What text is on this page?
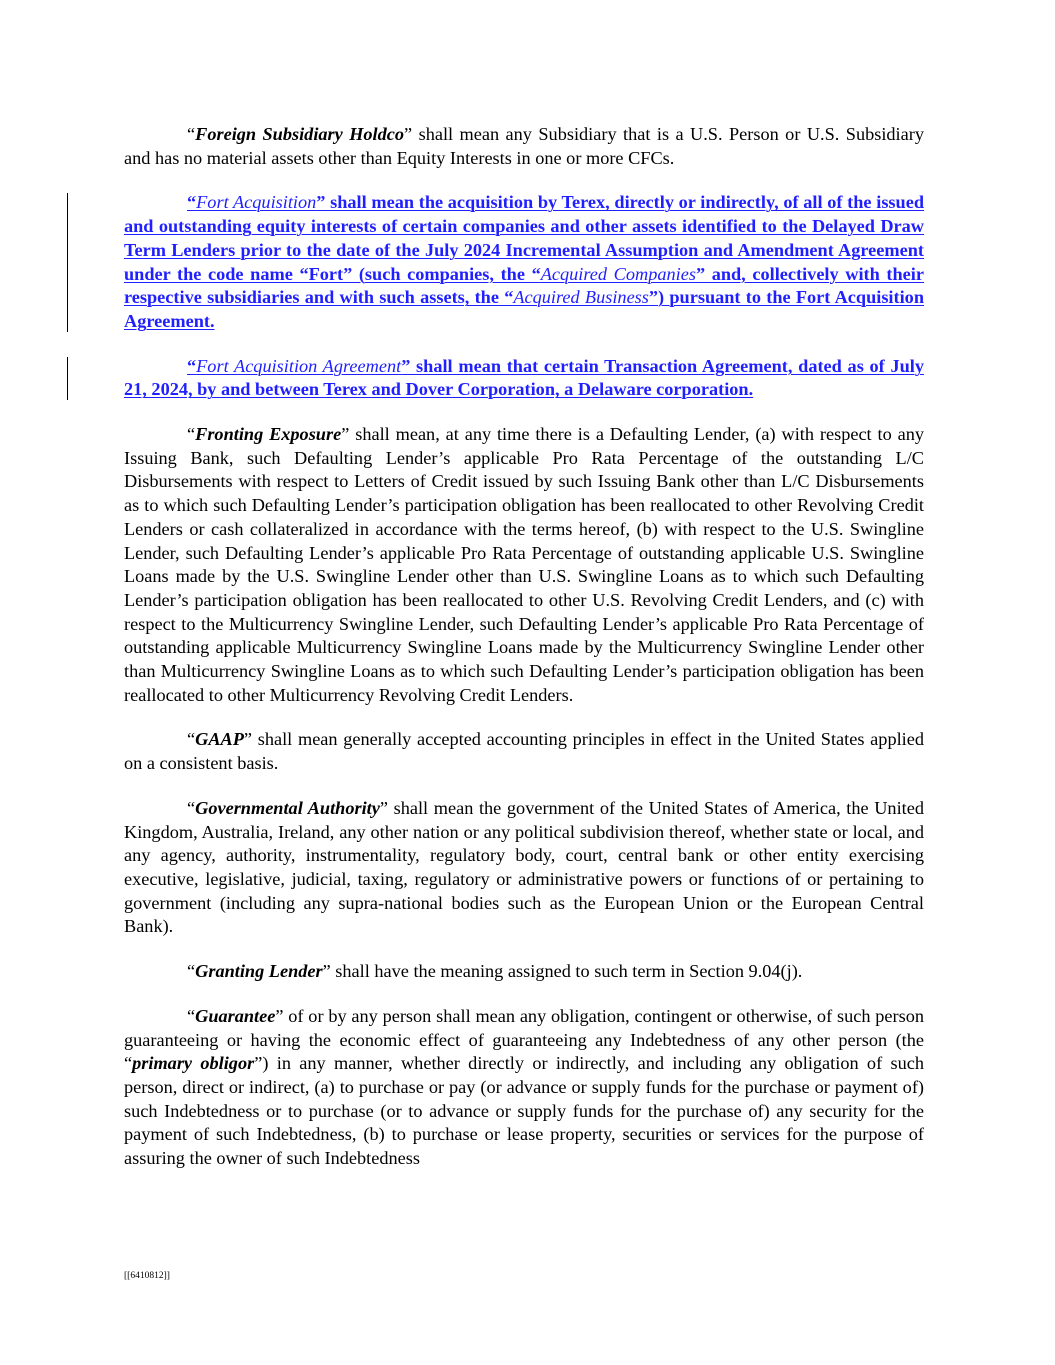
“Foreign Subsidiary Holdco” shall mean any Subsidiary that is a U.S. Person or U.S. Subsidiary and has no material assets other than Equity Interests in one or more CFCs.

“Fort Acquisition” shall mean the acquisition by Terex, directly or indirectly, of all of the issued and outstanding equity interests of certain companies and other assets identified to the Delayed Draw Term Lenders prior to the date of the July 2024 Incremental Assumption and Amendment Agreement under the code name “Fort” (such companies, the “Acquired Companies” and, collectively with their respective subsidiaries and with such assets, the “Acquired Business”) pursuant to the Fort Acquisition Agreement.

“Fort Acquisition Agreement” shall mean that certain Transaction Agreement, dated as of July 21, 2024, by and between Terex and Dover Corporation, a Delaware corporation.

“Fronting Exposure” shall mean, at any time there is a Defaulting Lender, (a) with respect to any Issuing Bank, such Defaulting Lender’s applicable Pro Rata Percentage of the outstanding L/C Disbursements with respect to Letters of Credit issued by such Issuing Bank other than L/C Disbursements as to which such Defaulting Lender’s participation obligation has been reallocated to other Revolving Credit Lenders or cash collateralized in accordance with the terms hereof, (b) with respect to the U.S. Swingline Lender, such Defaulting Lender’s applicable Pro Rata Percentage of outstanding applicable U.S. Swingline Loans made by the U.S. Swingline Lender other than U.S. Swingline Loans as to which such Defaulting Lender’s participation obligation has been reallocated to other U.S. Revolving Credit Lenders, and (c) with respect to the Multicurrency Swingline Lender, such Defaulting Lender’s applicable Pro Rata Percentage of outstanding applicable Multicurrency Swingline Loans made by the Multicurrency Swingline Lender other than Multicurrency Swingline Loans as to which such Defaulting Lender’s participation obligation has been reallocated to other Multicurrency Revolving Credit Lenders.

“GAAP” shall mean generally accepted accounting principles in effect in the United States applied on a consistent basis.

“Governmental Authority” shall mean the government of the United States of America, the United Kingdom, Australia, Ireland, any other nation or any political subdivision thereof, whether state or local, and any agency, authority, instrumentality, regulatory body, court, central bank or other entity exercising executive, legislative, judicial, taxing, regulatory or administrative powers or functions of or pertaining to government (including any supra-national bodies such as the European Union or the European Central Bank).

“Granting Lender” shall have the meaning assigned to such term in Section 9.04(j).

“Guarantee” of or by any person shall mean any obligation, contingent or otherwise, of such person guaranteeing or having the economic effect of guaranteeing any Indebtedness of any other person (the “primary obligor”) in any manner, whether directly or indirectly, and including any obligation of such person, direct or indirect, (a) to purchase or pay (or advance or supply funds for the purchase or payment of) such Indebtedness or to purchase (or to advance or supply funds for the purchase of) any security for the payment of such Indebtedness, (b) to purchase or lease property, securities or services for the purpose of assuring the owner of such Indebtedness

[[6410812]]
